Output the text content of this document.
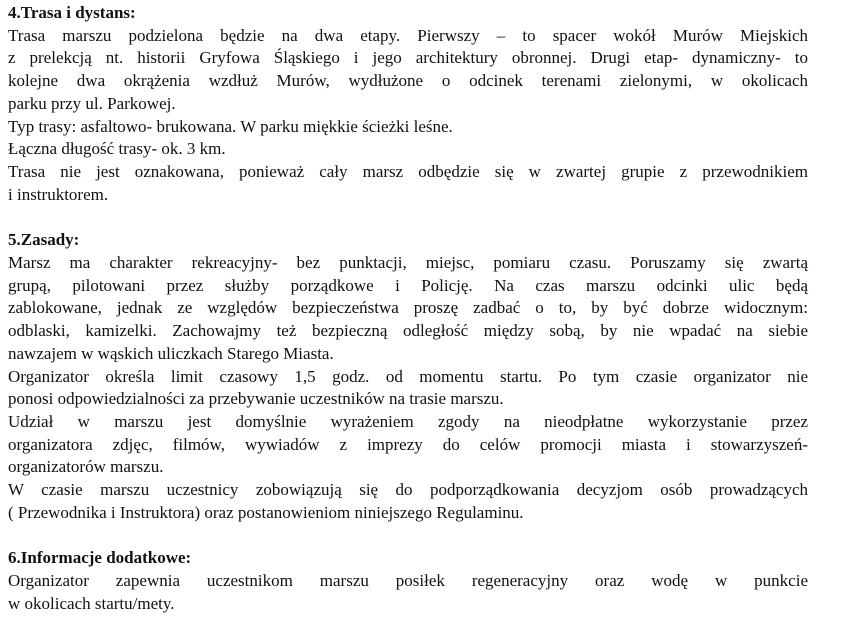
4.Trasa i dystans:

Trasa marszu podzielona będzie na dwa etapy. Pierwszy – to spacer wokół Murów Miejskich
z prelekcją nt. historii Gryfowa Śląskiego i jego architektury obronnej. Drugi etap- dynamiczny- to
kolejne dwa okrążenia wzdłuż Murów, wydłużone o odcinek terenami zielonymi, w okolicach
parku przy ul. Parkowej.

Typ trasy: asfaltowo- brukowana. W parku miękkie ścieżki leśne.

Łączna długość trasy- ok. 3 km.

Trasa nie jest oznakowana, ponieważ cały marsz odbędzie się w zwartej grupie z przewodnikiem
i instruktorem.

5.Zasady:

Marsz ma charakter rekreacyjny- bez punktacji, miejsc, pomiaru czasu. Poruszamy się zwartą
grupą, pilotowani przez służby porządkowe i Policję. Na czas marszu odcinki ulic będą
zablokowane, jednak ze względów bezpieczeństwa proszę zadbać o to, by być dobrze widocznym:
odblaski, kamizelki. Zachowajmy też bezpieczną odległość między sobą, by nie wpadać na siebie
nawzajem w wąskich uliczkach Starego Miasta.

Organizator określa limit czasowy 1,5 godz. od momentu startu. Po tym czasie organizator nie
ponosi odpowiedzialności za przebywanie uczestników na trasie marszu.

Udział w marszu jest domyślnie wyrażeniem zgody na nieodpłatne wykorzystanie przez
organizatora zdjęc, filmów, wywiadów z imprezy do celów promocji miasta i stowarzyszeń-
organizatorów marszu.

W czasie marszu uczestnicy zobowiązują się do podporządkowania decyzjom osób prowadzących
( Przewodnika i Instruktora) oraz postanowieniom niniejszego Regulaminu.

6.Informacje dodatkowe:

Organizator zapewnia uczestnikom marszu posiłek regeneracyjny oraz wodę w punkcie
w okolicach startu/mety.
